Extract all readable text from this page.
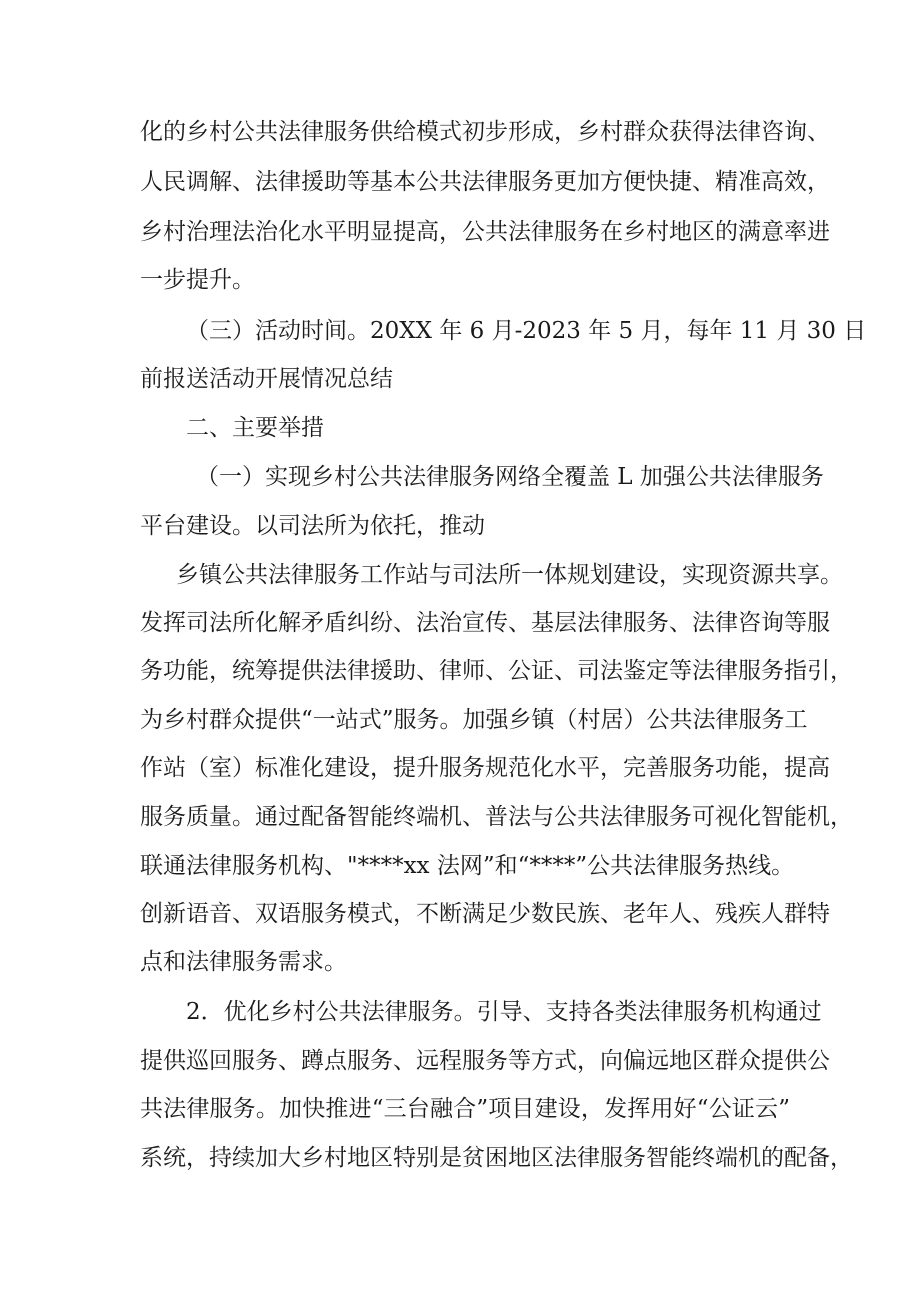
化的乡村公共法律服务供给模式初步形成，乡村群众获得法律咨询、
人民调解、法律援助等基本公共法律服务更加方便快捷、精准高效，
乡村治理法治化水平明显提高，公共法律服务在乡村地区的满意率进
一步提升。
（三）活动时间。20XX 年 6 月-2023 年 5 月，每年 11 月 30 日
前报送活动开展情况总结
二、主要举措
（一）实现乡村公共法律服务网络全覆盖 L 加强公共法律服务
平台建设。以司法所为依托，推动
乡镇公共法律服务工作站与司法所一体规划建设，实现资源共享。
发挥司法所化解矛盾纠纷、法治宣传、基层法律服务、法律咨询等服
务功能，统筹提供法律援助、律师、公证、司法鉴定等法律服务指引，
为乡村群众提供“一站式”服务。加强乡镇（村居）公共法律服务工
作站（室）标准化建设，提升服务规范化水平，完善服务功能，提高
服务质量。通过配备智能终端机、普法与公共法律服务可视化智能机，
联通法律服务机构、"****xx 法网”和“****”公共法律服务热线。
创新语音、双语服务模式，不断满足少数民族、老年人、残疾人群特
点和法律服务需求。
2．优化乡村公共法律服务。引导、支持各类法律服务机构通过
提供巡回服务、蹲点服务、远程服务等方式，向偏远地区群众提供公
共法律服务。加快推进“三台融合”项目建设，发挥用好“公证云”
系统，持续加大乡村地区特别是贫困地区法律服务智能终端机的配备，
